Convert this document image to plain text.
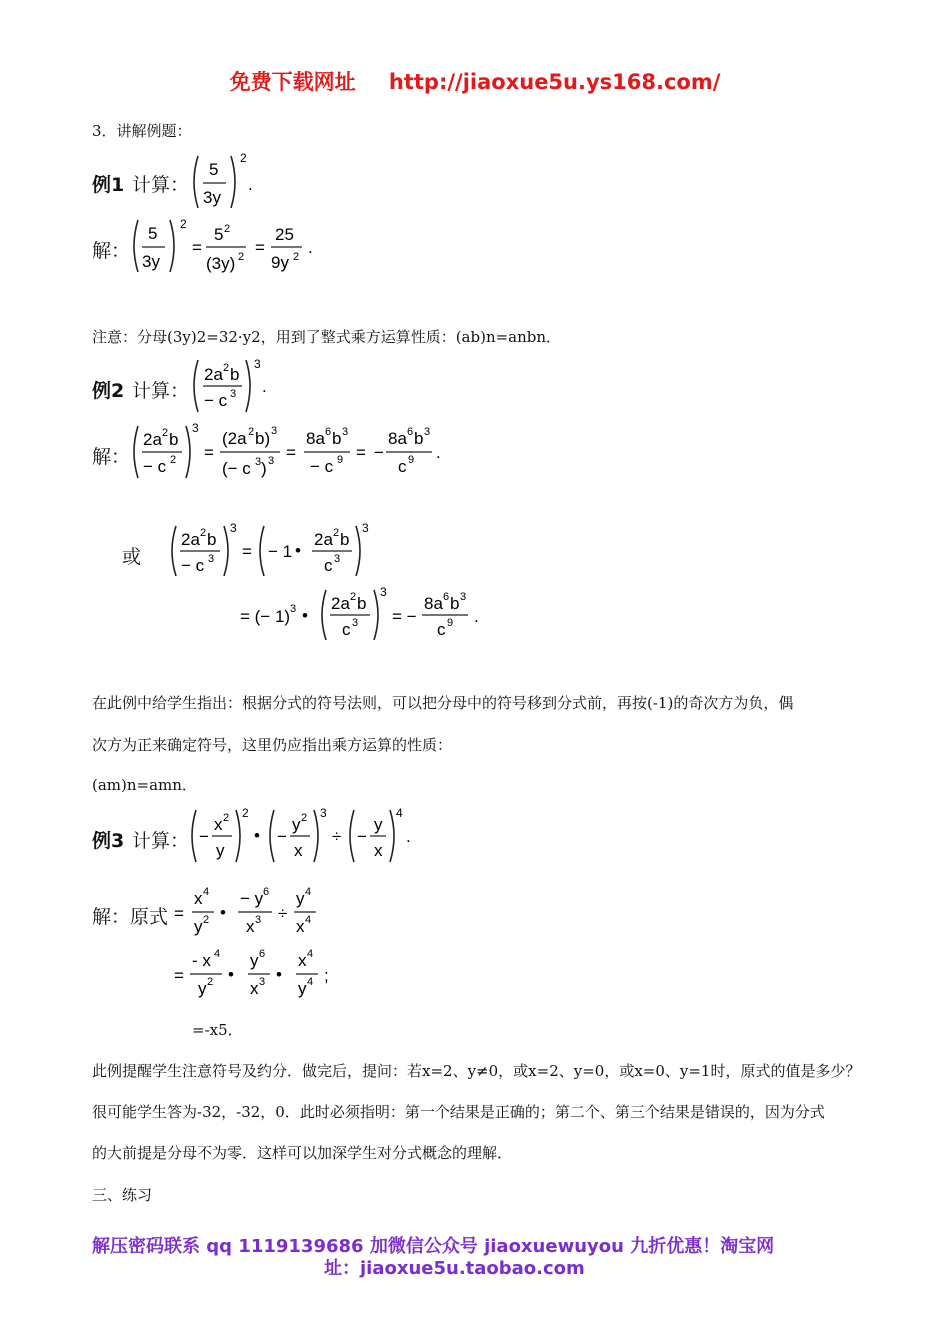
免费下载网址 http://jiaoxue5u.ys168.com/
3．讲解例题：
例1 计算：
5
3y
2
.
解：
5
3y
2
=
5 2
(3y) 2 =
25
9y 2 .
注意：分母(3y)2=32·y2，用到了整式乘方运算性质：(ab)n=anbn．
例2 计算：
2a 2 b
− c 3
3
.
解：
2a 2 b
− c 2
3
=
(2a 2 b) 3
(− c 3 ) 3 =
8a 6 b 3
− c 9 = −
8a 6 b 3
c 9 .
或
2a 2 b
− c 3
3
= − 1 •
2a 2 b
c 3
3
= (− 1) 3 •
2a 2 b
c 3
3
= −
8a 6 b 3
c 9 .
在此例中给学生指出：根据分式的符号法则，可以把分母中的符号移到分式前，再按(-1)的奇次方为负，偶
次方为正来确定符号，这里仍应指出乘方运算的性质：
(am)n=amn．
例3 计算： −
x 2
y
2
• −
y 2
x
3
÷ −
y
x
4
.
解：原式 =
x 4
y 2 •
− y 6
x 3 ÷
y 4
x 4
=
- x 4
y 2 •
y 6
x 3 •
x 4
y 4 ;
=-x5．
此例提醒学生注意符号及约分．做完后，提问：若x=2、y≠0，或x=2、y=0，或x=0、y=1时，原式的值是多少？
很可能学生答为-32，-32，0．此时必须指明：第一个结果是正确的；第二个、第三个结果是错误的，因为分式
的大前提是分母不为零．这样可以加深学生对分式概念的理解．
三、练习
解压密码联系 qq 1119139686 加微信公众号 jiaoxuewuyou 九折优惠！淘宝网
址：jiaoxue5u.taobao.com
